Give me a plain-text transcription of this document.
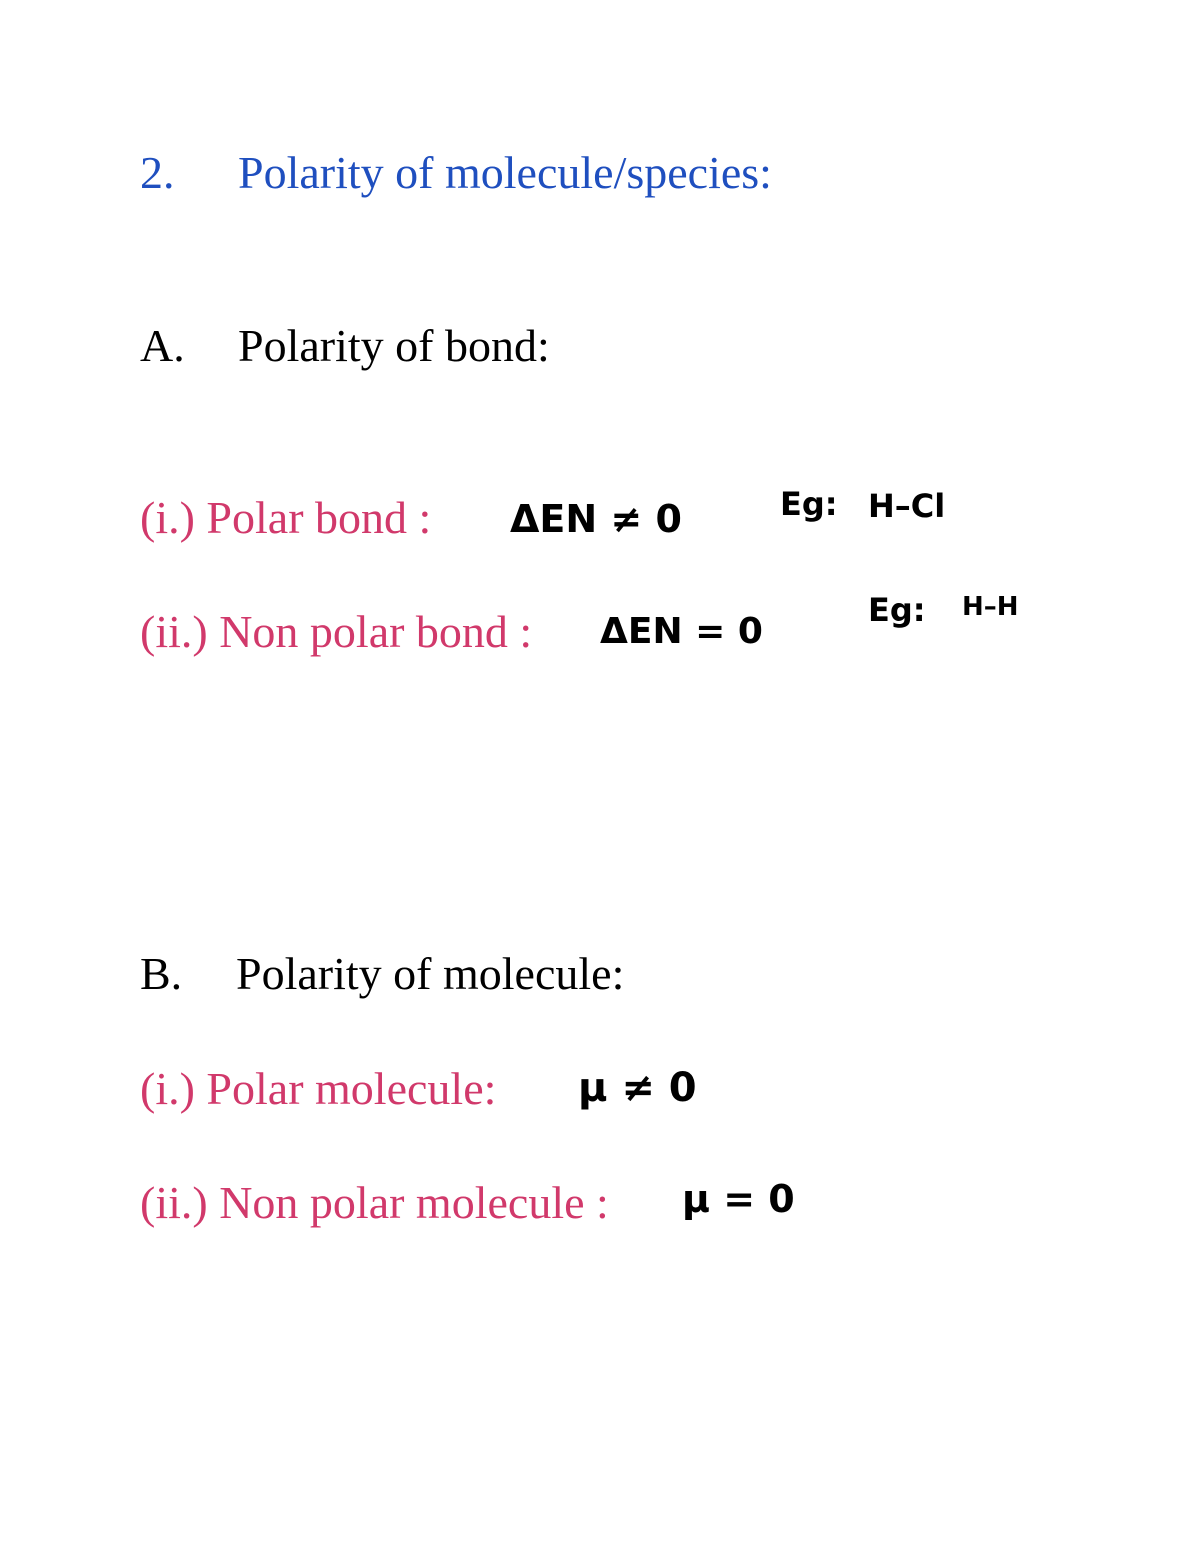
2. Polarity of molecule/species:
A. Polarity of bond:
(i.) Polar bond : ΔEN ≠ 0	Eg: H–Cl
(ii.) Non polar bond : ΔEN = 0
Eg: H–H
B. Polarity of molecule:
(i.) Polar molecule: μ ≠ 0
(ii.) Non polar molecule : μ = 0
